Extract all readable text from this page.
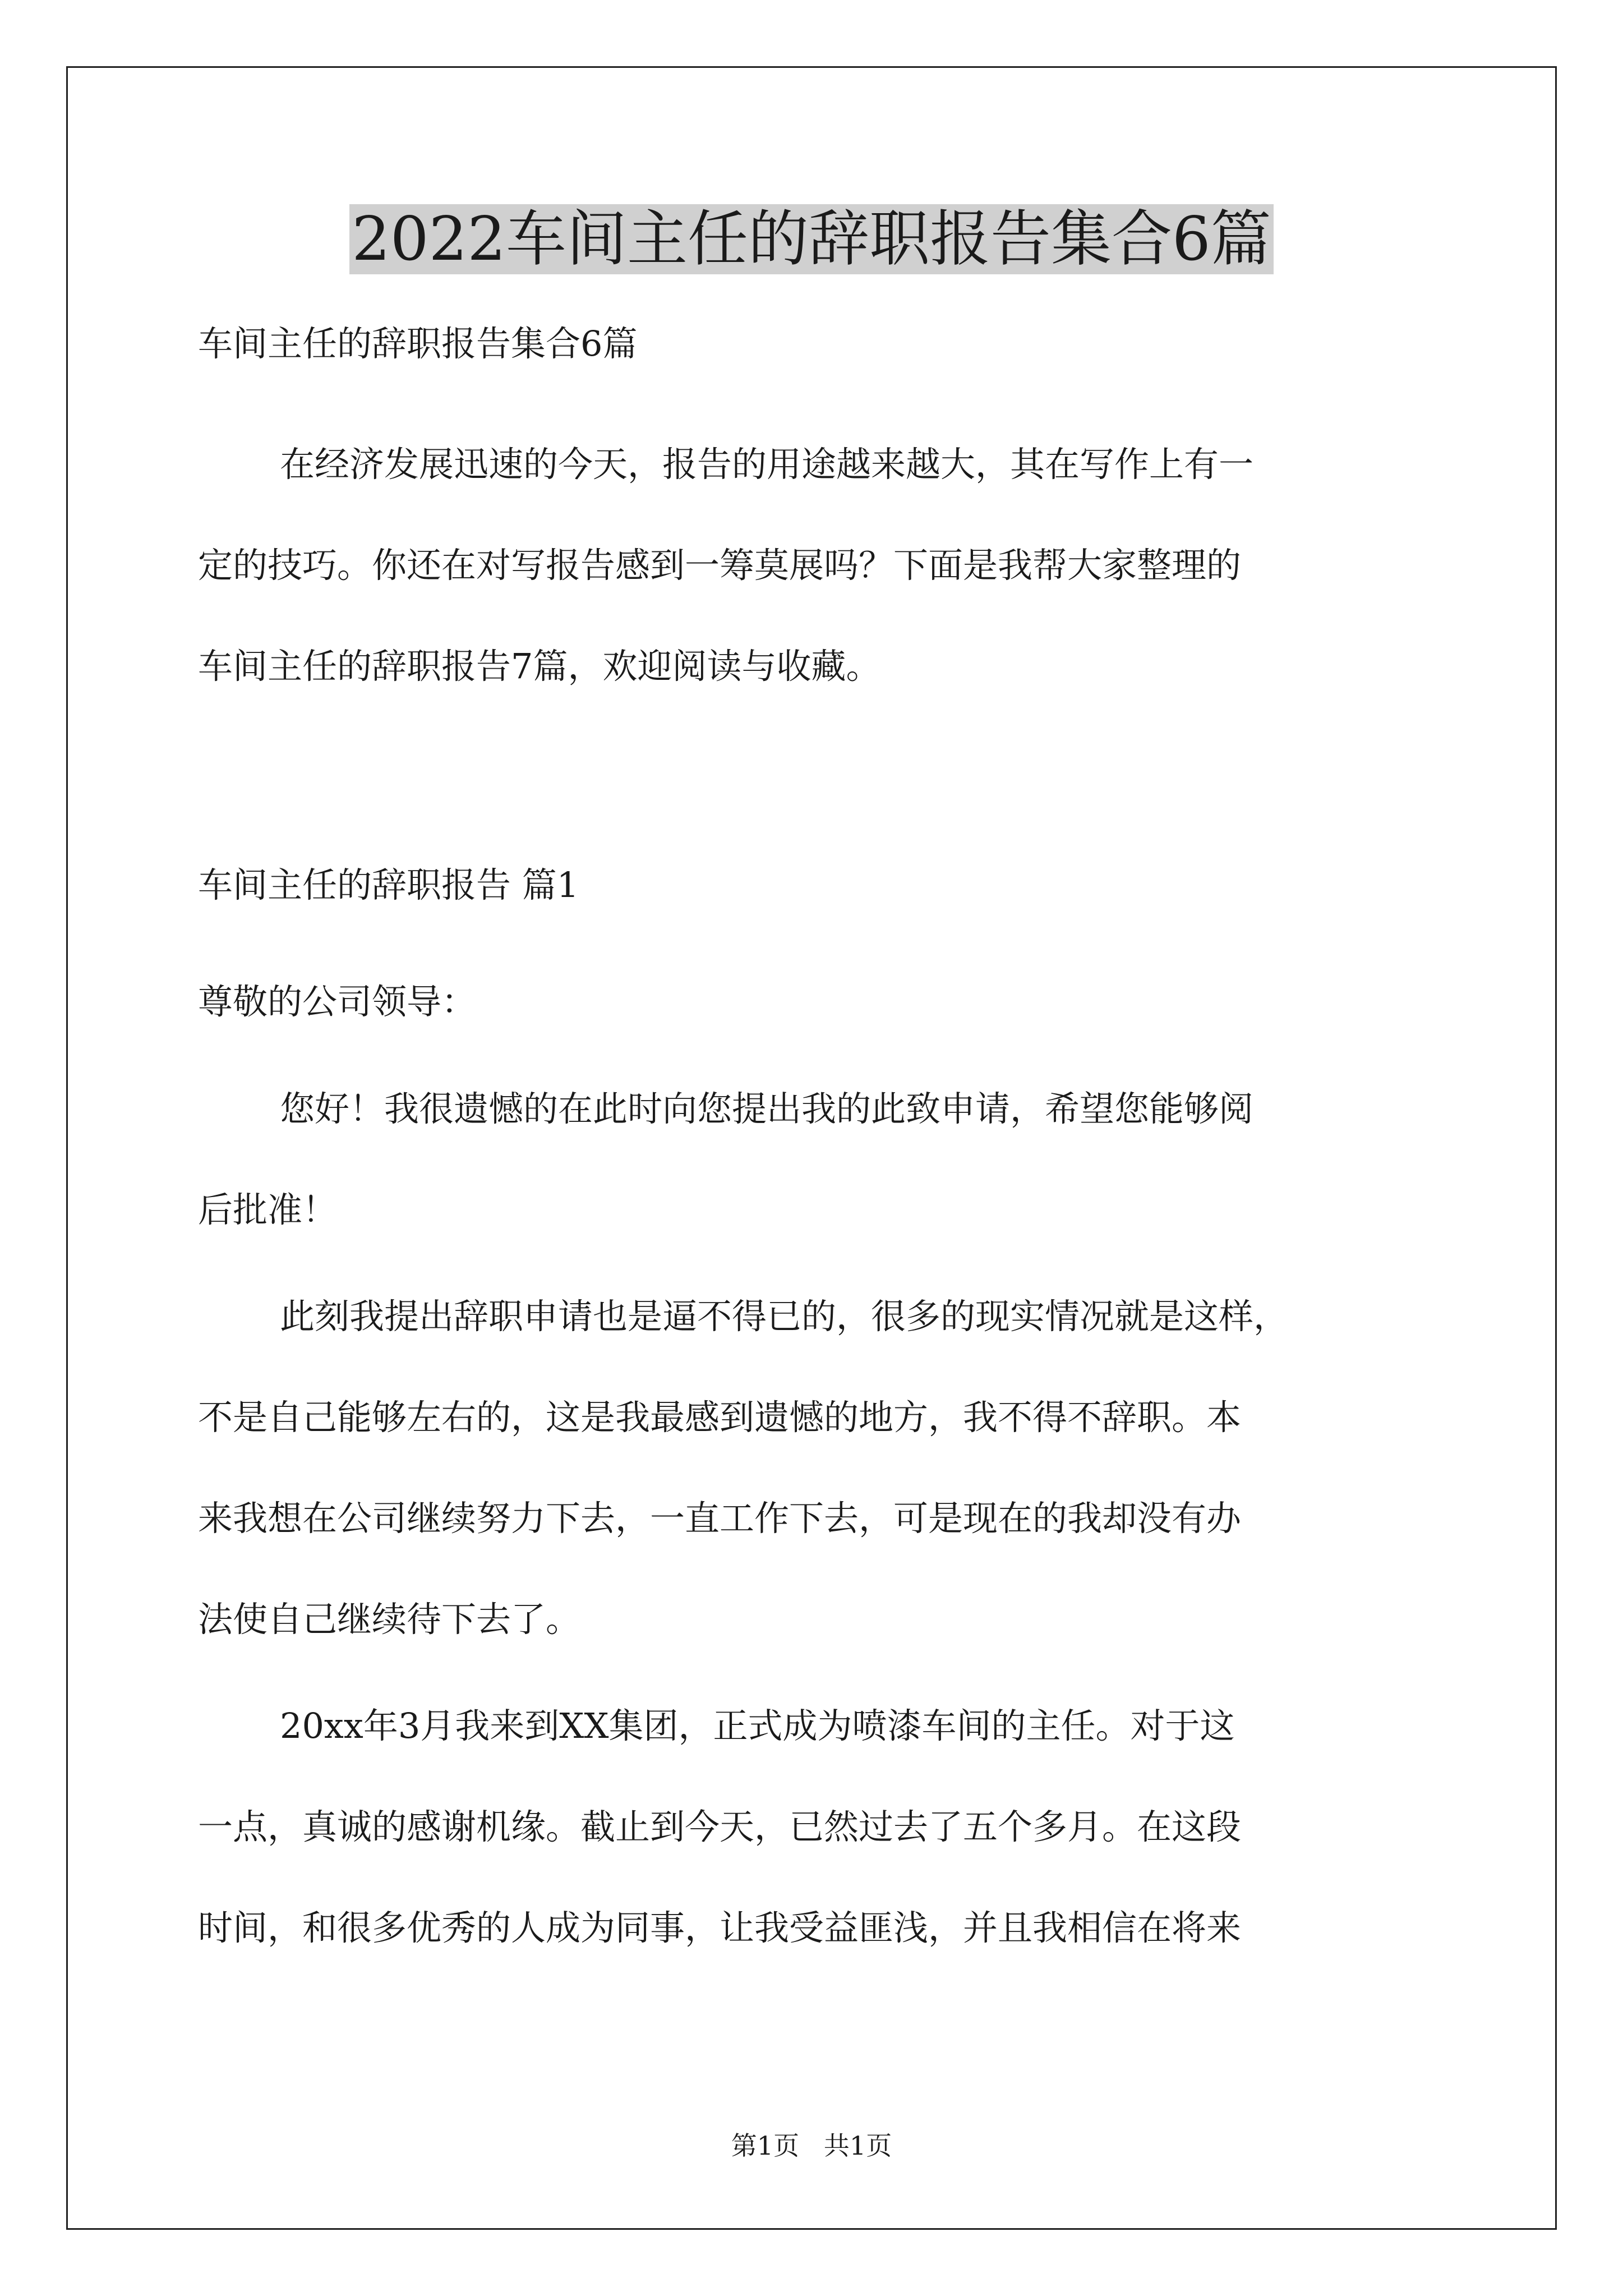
2022车间主任的辞职报告集合6篇
车间主任的辞职报告集合6篇
在经济发展迅速的今天，报告的用途越来越大，其在写作上有一
定的技巧。你还在对写报告感到一筹莫展吗？下面是我帮大家整理的
车间主任的辞职报告7篇，欢迎阅读与收藏。
车间主任的辞职报告 篇1
尊敬的公司领导：
您好！我很遗憾的在此时向您提出我的此致申请，希望您能够阅
后批准！
此刻我提出辞职申请也是逼不得已的，很多的现实情况就是这样，
不是自己能够左右的，这是我最感到遗憾的地方，我不得不辞职。本
来我想在公司继续努力下去，一直工作下去，可是现在的我却没有办
法使自己继续待下去了。
20xx年3月我来到XX集团，正式成为喷漆车间的主任。对于这
一点，真诚的感谢机缘。截止到今天，已然过去了五个多月。在这段
时间，和很多优秀的人成为同事，让我受益匪浅，并且我相信在将来
第1页   共1页
